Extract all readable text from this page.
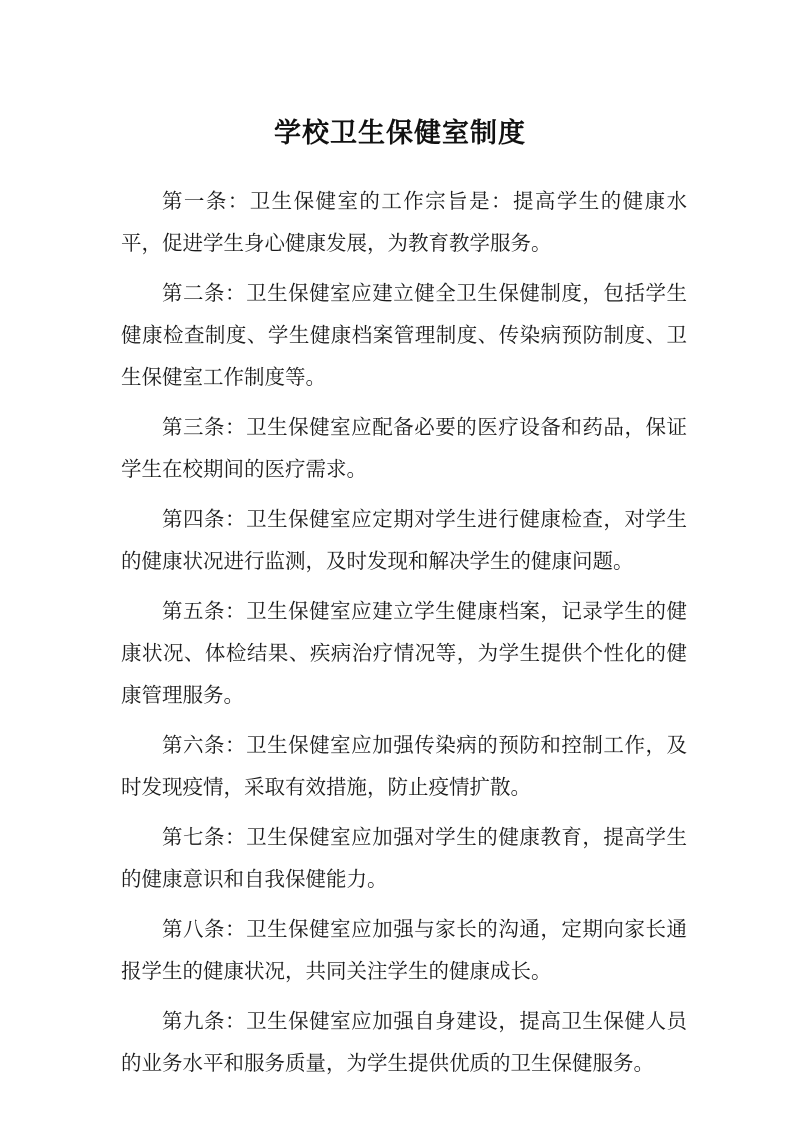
学校卫生保健室制度

第一条：卫生保健室的工作宗旨是：提高学生的健康水平，促进学生身心健康发展，为教育教学服务。

第二条：卫生保健室应建立健全卫生保健制度，包括学生健康检查制度、学生健康档案管理制度、传染病预防制度、卫生保健室工作制度等。

第三条：卫生保健室应配备必要的医疗设备和药品，保证学生在校期间的医疗需求。

第四条：卫生保健室应定期对学生进行健康检查，对学生的健康状况进行监测，及时发现和解决学生的健康问题。

第五条：卫生保健室应建立学生健康档案，记录学生的健康状况、体检结果、疾病治疗情况等，为学生提供个性化的健康管理服务。

第六条：卫生保健室应加强传染病的预防和控制工作，及时发现疫情，采取有效措施，防止疫情扩散。

第七条：卫生保健室应加强对学生的健康教育，提高学生的健康意识和自我保健能力。

第八条：卫生保健室应加强与家长的沟通，定期向家长通报学生的健康状况，共同关注学生的健康成长。

第九条：卫生保健室应加强自身建设，提高卫生保健人员的业务水平和服务质量，为学生提供优质的卫生保健服务。
